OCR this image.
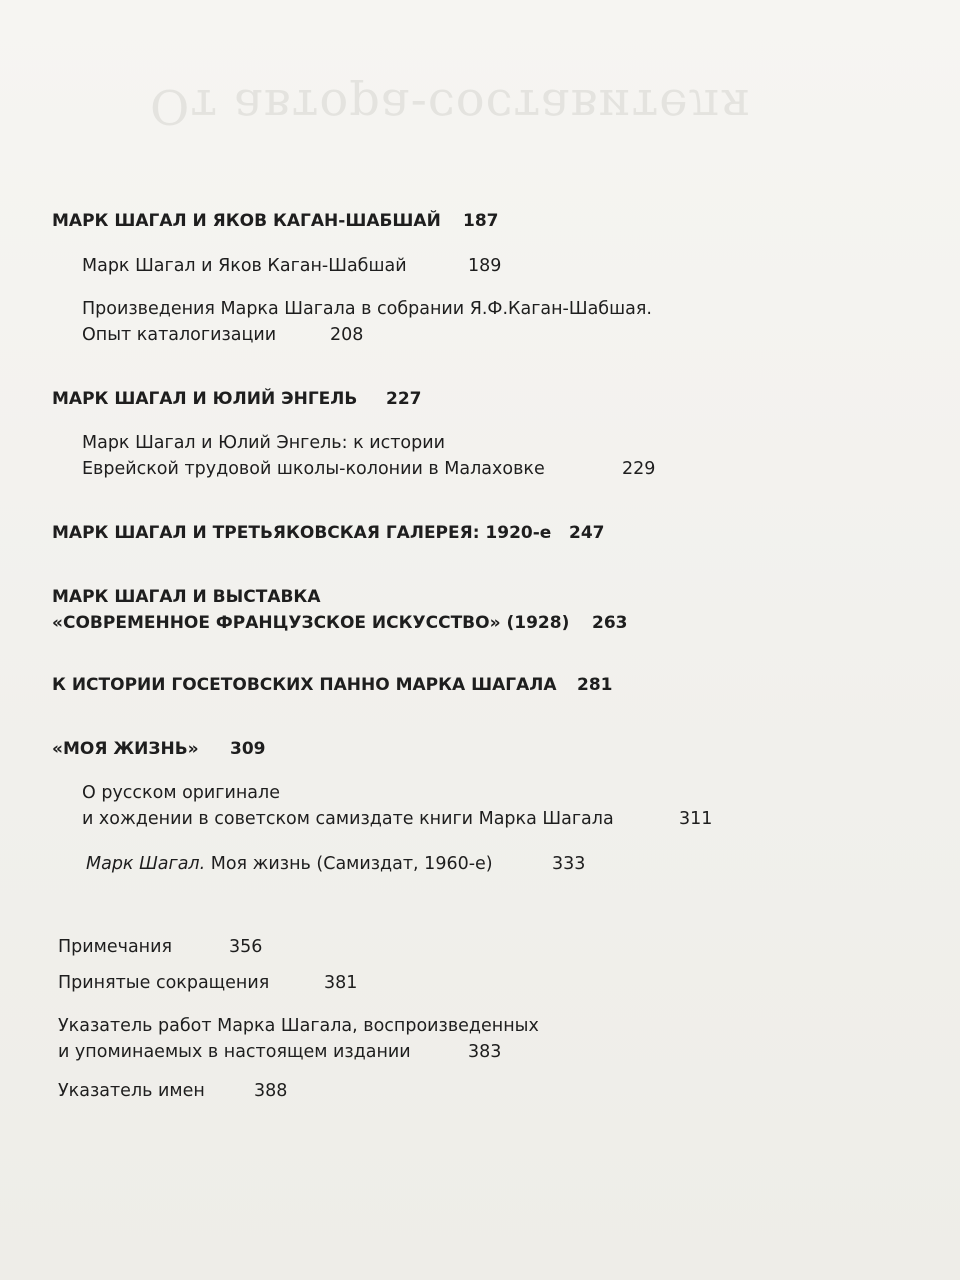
От автора-составителя
МАРК ШАГАЛ И ЯКОВ КАГАН-ШАБШАЙ 187
Марк Шагал и Яков Каган-Шабшай	189
Произведения Марка Шагала в собрании Я.Ф.Каган-Шабшая.
Опыт каталогизации	208
МАРК ШАГАЛ И ЮЛИЙ ЭНГЕЛЬ 227
Марк Шагал и Юлий Энгель: к истории
Еврейской трудовой школы-колонии в Малаховке	229
МАРК ШАГАЛ И ТРЕТЬЯКОВСКАЯ ГАЛЕРЕЯ: 1920-е 247
МАРК ШАГАЛ И ВЫСТАВКА
«СОВРЕМЕННОЕ ФРАНЦУЗСКОЕ ИСКУССТВО» (1928) 263
К ИСТОРИИ ГОСЕТОВСКИХ ПАННО МАРКА ШАГАЛА 281
«МОЯ ЖИЗНЬ» 309
О русском оригинале
и хождении в советском самиздате книги Марка Шагала	311
Марк Шагал. Моя жизнь (Самиздат, 1960-е)	333
Примечания	356
Принятые сокращения	381
Указатель работ Марка Шагала, воспроизведенных
и упоминаемых в настоящем издании	383
Указатель имен	388
